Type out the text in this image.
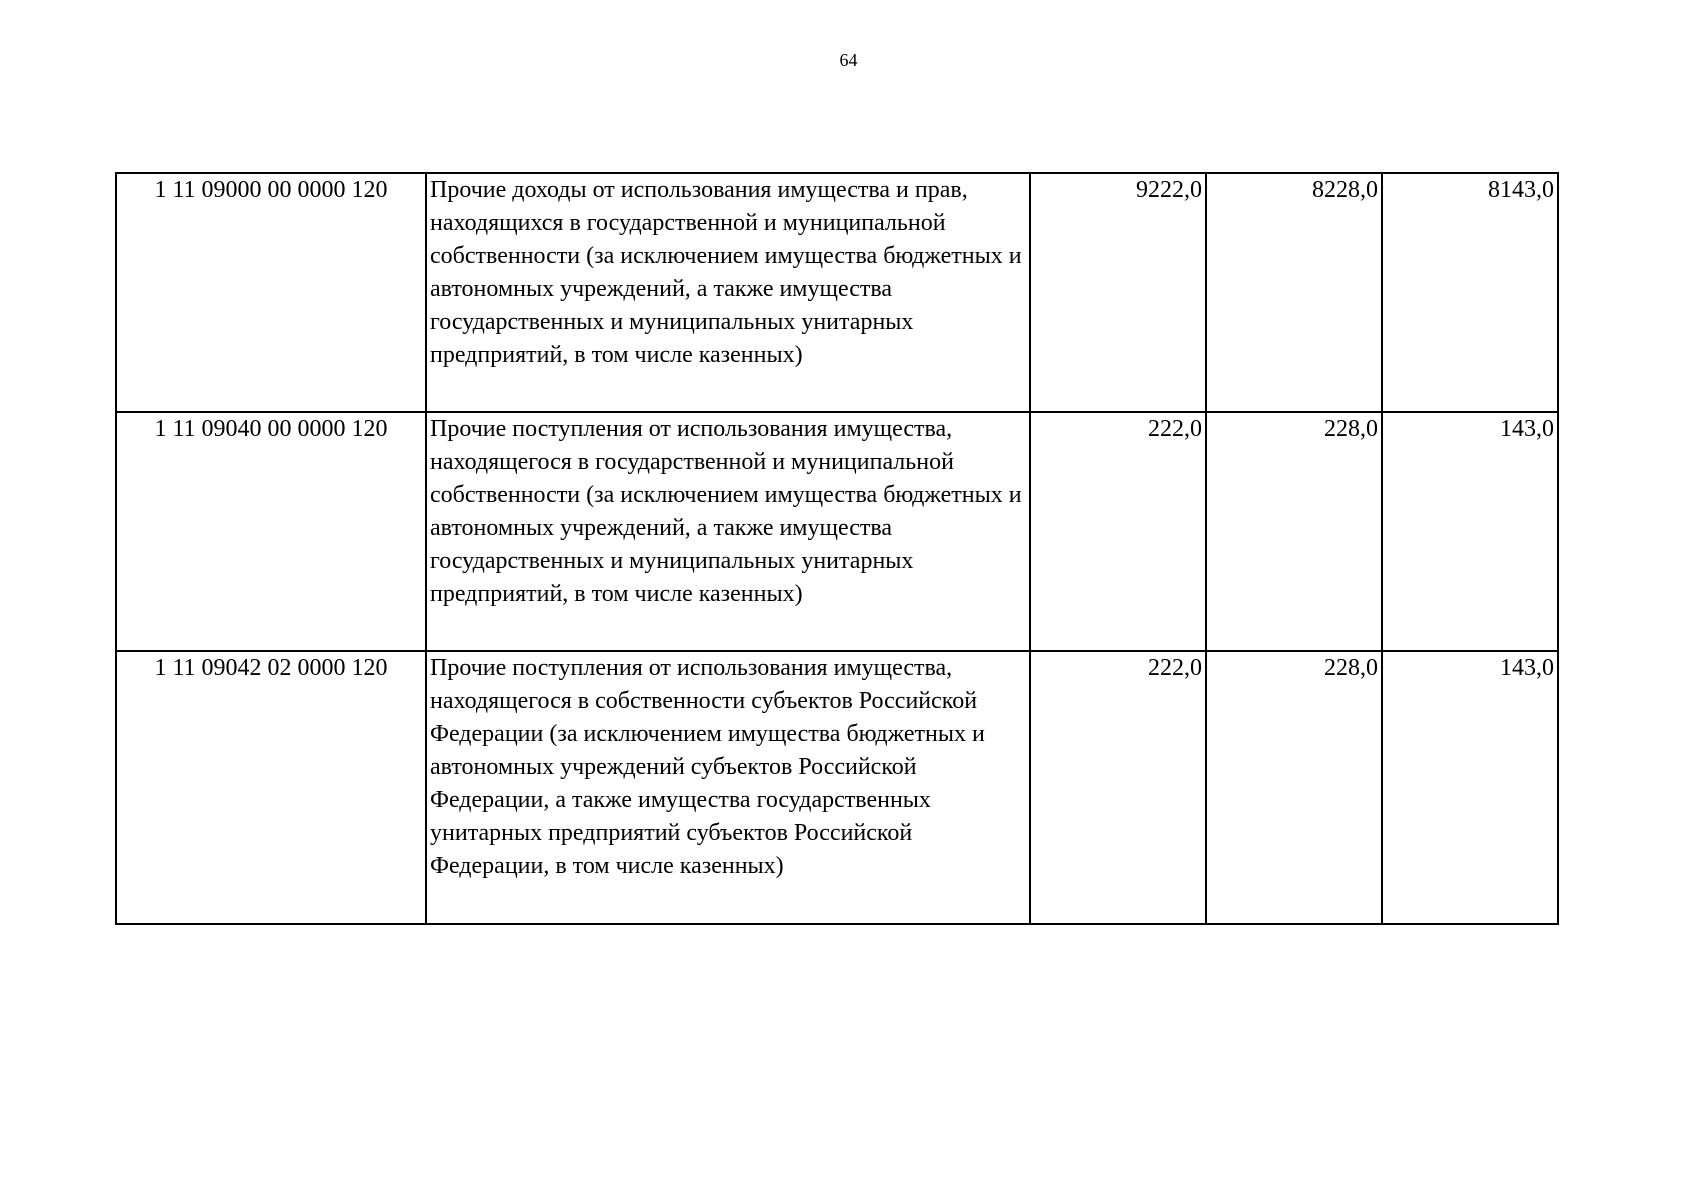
64
1 11 09000 00 0000 120	Прочие доходы от использования имущества и прав, находящихся в государственной и муниципальной собственности (за исключением имущества бюджетных и автономных учреждений, а также имущества государственных и муниципальных унитарных предприятий, в том числе казенных)	9222,0	8228,0	8143,0
1 11 09040 00 0000 120	Прочие поступления от использования имущества, находящегося в государственной и муниципальной собственности (за исключением имущества бюджетных и автономных учреждений, а также имущества государственных и муниципальных унитарных предприятий, в том числе казенных)	222,0	228,0	143,0
1 11 09042 02 0000 120	Прочие поступления от использования имущества, находящегося в собственности субъектов Российской Федерации (за исключением имущества бюджетных и автономных учреждений субъектов Российской Федерации, а также имущества государственных унитарных предприятий субъектов Российской Федерации, в том числе казенных)	222,0	228,0	143,0
